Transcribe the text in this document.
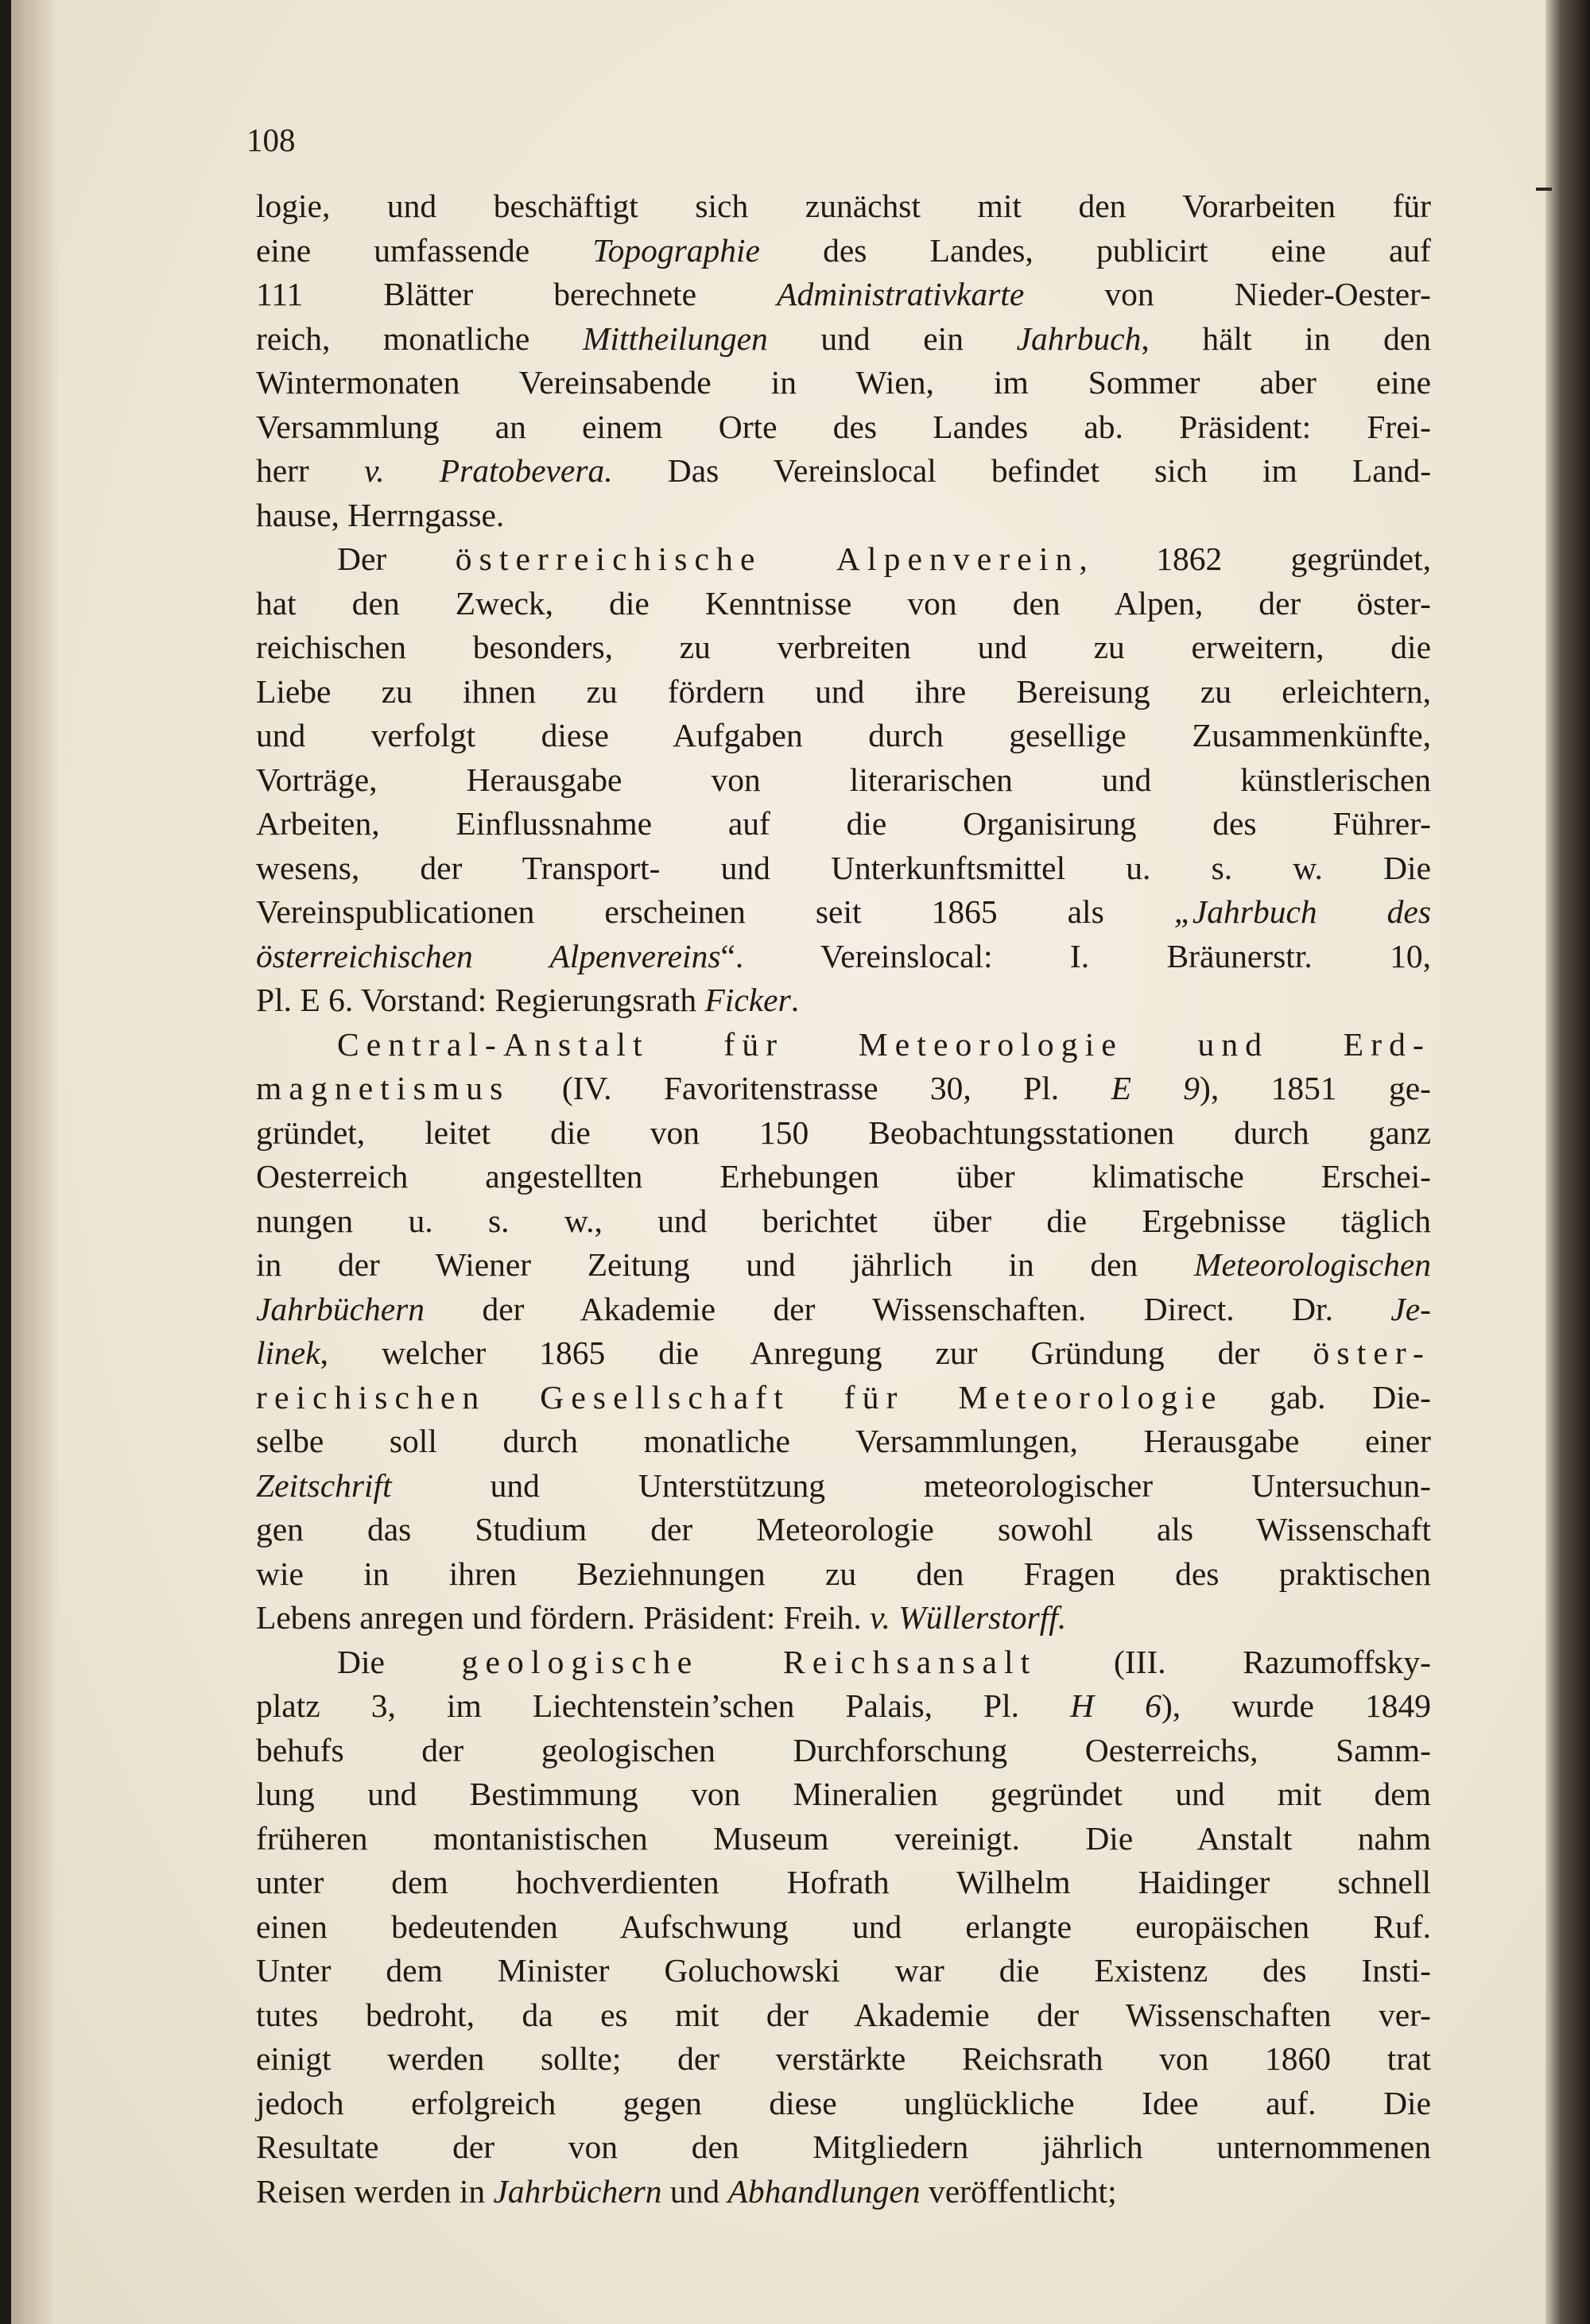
108
logie, und beschäftigt sich zunächst mit den Vorarbeiten für
eine umfassende Topographie des Landes, publicirt eine auf
111 Blätter berechnete Administrativkarte von Nieder-Oester-
reich, monatliche Mittheilungen und ein Jahrbuch, hält in den
Wintermonaten Vereinsabende in Wien, im Sommer aber eine
Versammlung an einem Orte des Landes ab. Präsident: Frei-
herr v. Pratobevera. Das Vereinslocal befindet sich im Land-
hause, Herrngasse.
Der österreichische Alpenverein, 1862 gegründet,
hat den Zweck, die Kenntnisse von den Alpen, der öster-
reichischen besonders, zu verbreiten und zu erweitern, die
Liebe zu ihnen zu fördern und ihre Bereisung zu erleichtern,
und verfolgt diese Aufgaben durch gesellige Zusammenkünfte,
Vorträge, Herausgabe von literarischen und künstlerischen
Arbeiten, Einflussnahme auf die Organisirung des Führer-
wesens, der Transport- und Unterkunftsmittel u. s. w. Die
Vereinspublicationen erscheinen seit 1865 als „Jahrbuch des
österreichischen Alpenvereins“. Vereinslocal: I. Bräunerstr. 10,
Pl. E 6. Vorstand: Regierungsrath Ficker.
Central-Anstalt für Meteorologie und Erd-
magnetismus (IV. Favoritenstrasse 30, Pl. E 9), 1851 ge-
gründet, leitet die von 150 Beobachtungsstationen durch ganz
Oesterreich angestellten Erhebungen über klimatische Erschei-
nungen u. s. w., und berichtet über die Ergebnisse täglich
in der Wiener Zeitung und jährlich in den Meteorologischen
Jahrbüchern der Akademie der Wissenschaften. Direct. Dr. Je-
linek, welcher 1865 die Anregung zur Gründung der öster-
reichischen Gesellschaft für Meteorologie gab. Die-
selbe soll durch monatliche Versammlungen, Herausgabe einer
Zeitschrift und Unterstützung meteorologischer Untersuchun-
gen das Studium der Meteorologie sowohl als Wissenschaft
wie in ihren Beziehnungen zu den Fragen des praktischen
Lebens anregen und fördern. Präsident: Freih. v. Wüllerstorff.
Die geologische Reichsansalt (III. Razumoffsky-
platz 3, im Liechtenstein’schen Palais, Pl. H 6), wurde 1849
behufs der geologischen Durchforschung Oesterreichs, Samm-
lung und Bestimmung von Mineralien gegründet und mit dem
früheren montanistischen Museum vereinigt. Die Anstalt nahm
unter dem hochverdienten Hofrath Wilhelm Haidinger schnell
einen bedeutenden Aufschwung und erlangte europäischen Ruf.
Unter dem Minister Goluchowski war die Existenz des Insti-
tutes bedroht, da es mit der Akademie der Wissenschaften ver-
einigt werden sollte; der verstärkte Reichsrath von 1860 trat
jedoch erfolgreich gegen diese unglückliche Idee auf. Die
Resultate der von den Mitgliedern jährlich unternommenen
Reisen werden in Jahrbüchern und Abhandlungen veröffentlicht;
